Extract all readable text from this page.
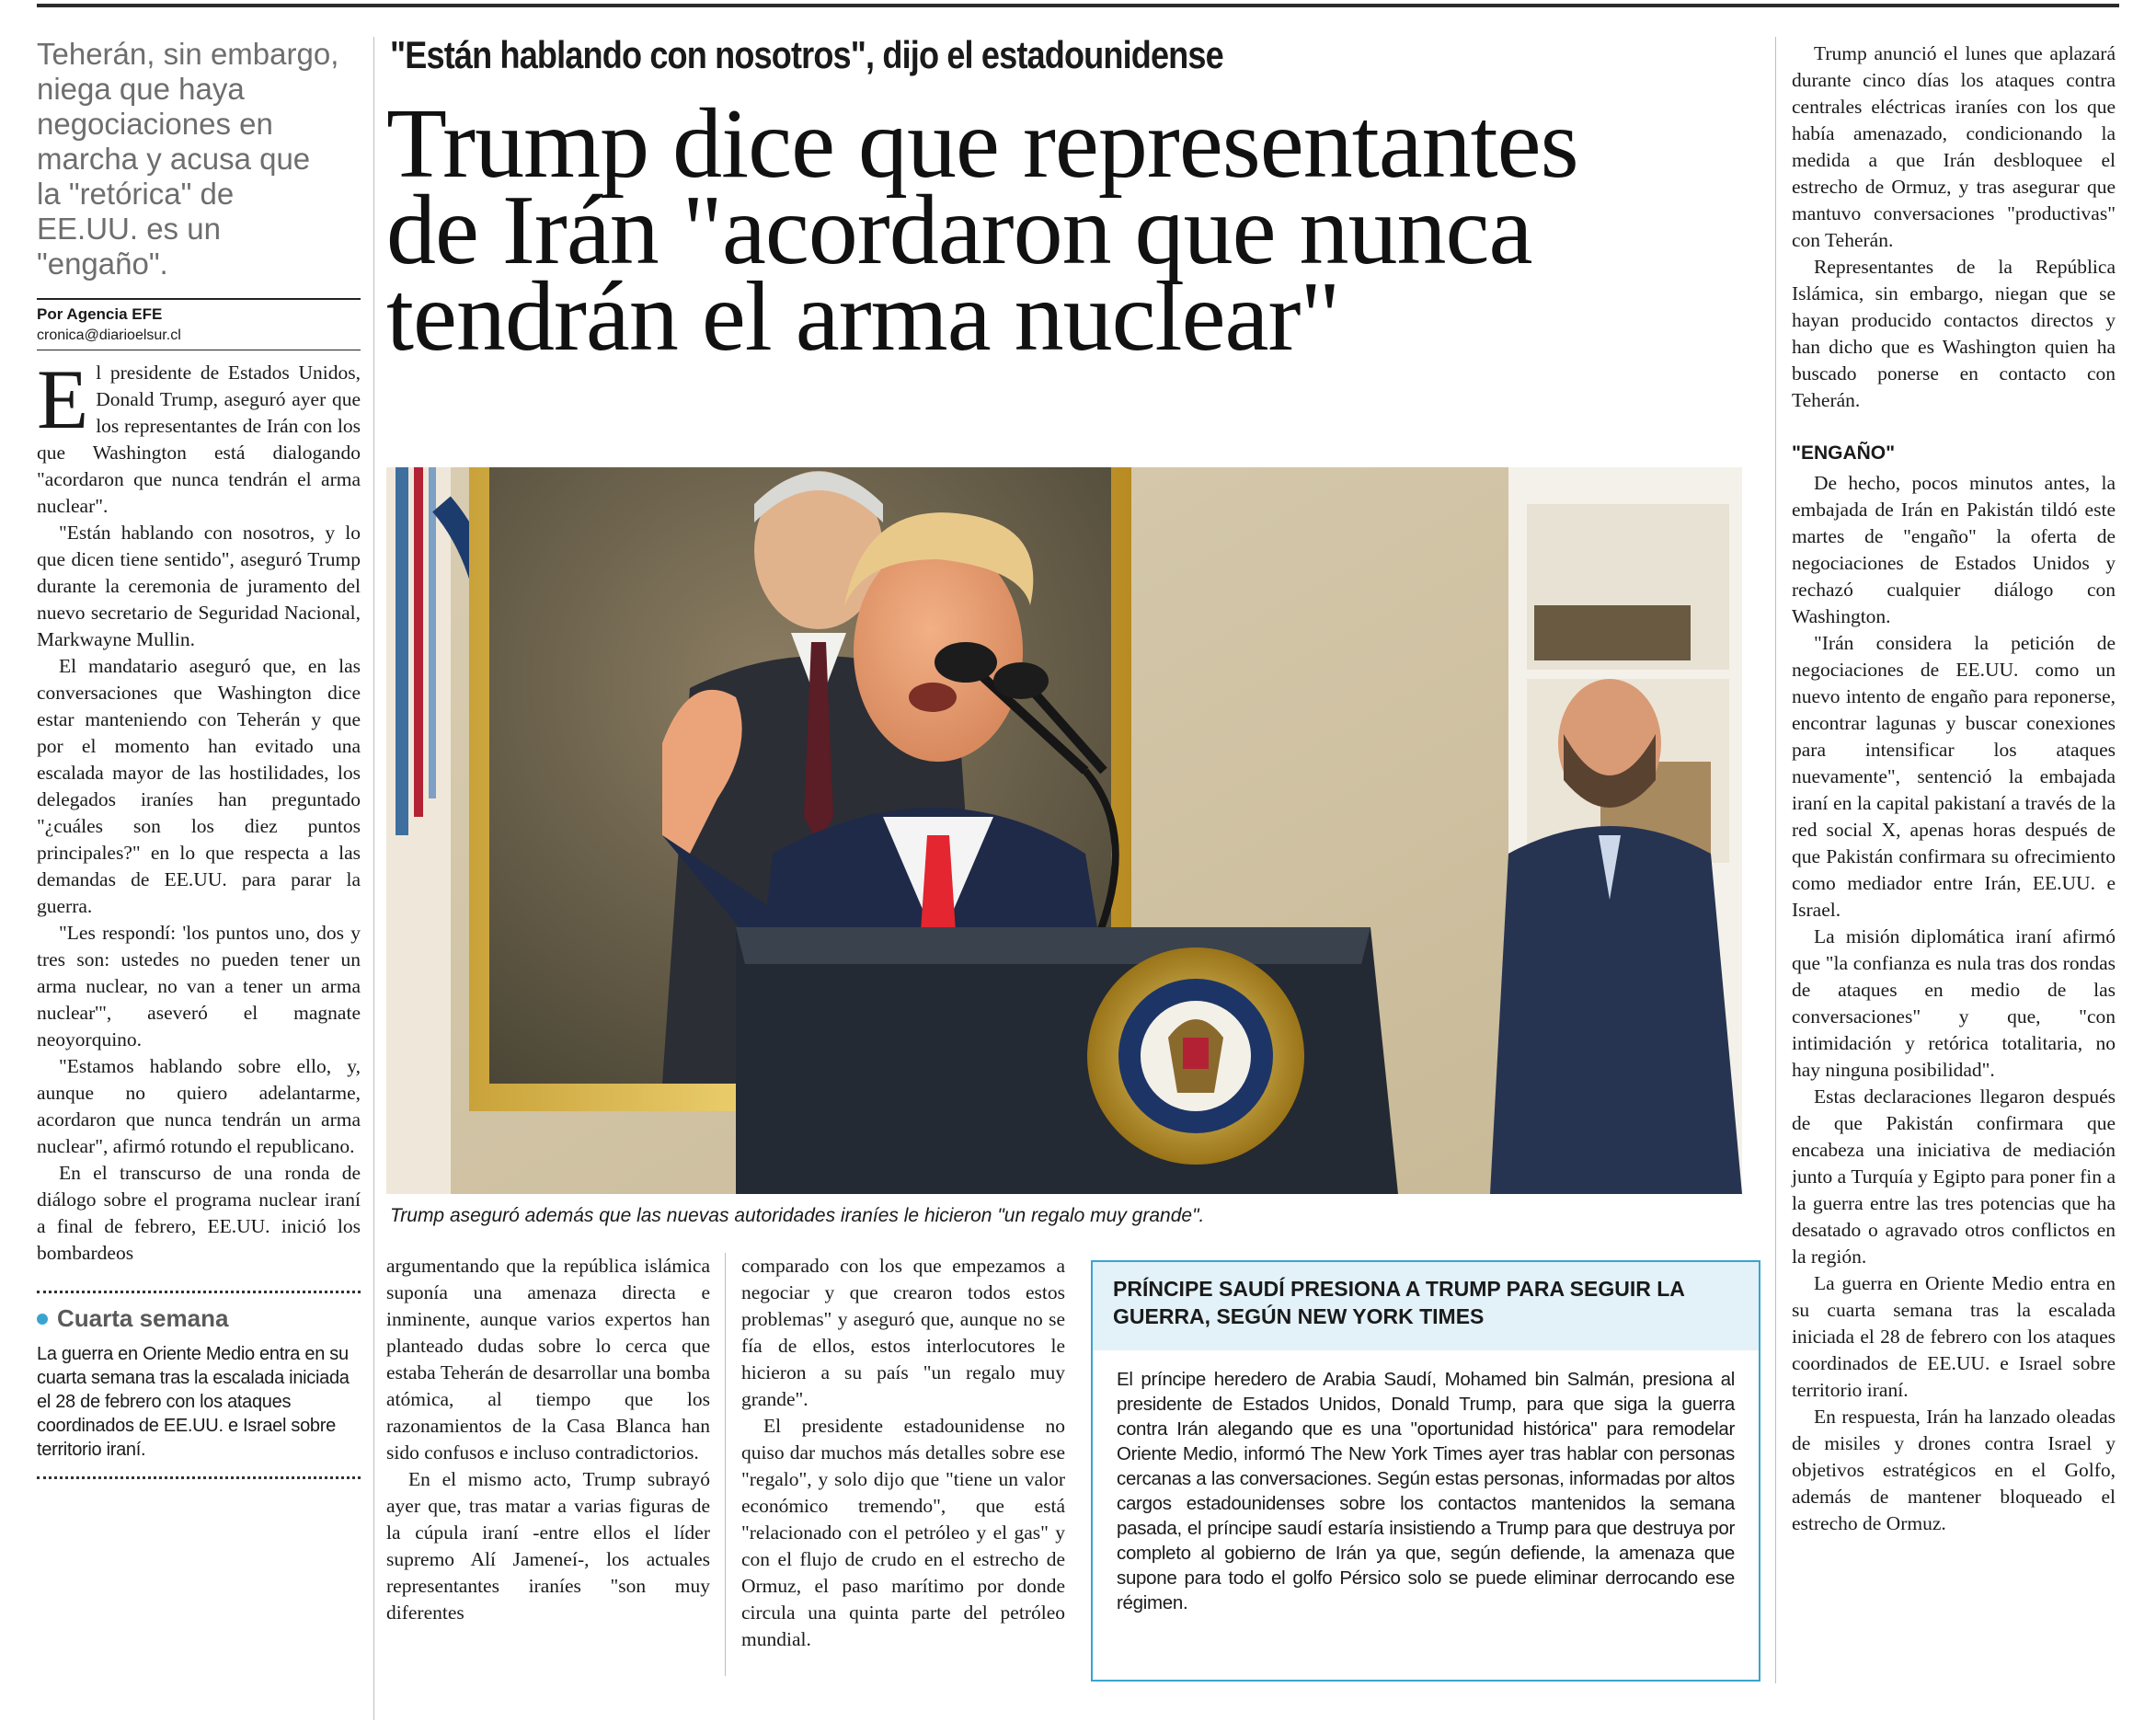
Teherán, sin embargo,

niega que haya

negociaciones en

marcha y acusa que

la "retórica" de

EE.UU. es un

"engaño".

Por Agencia EFE
cronica@diarioelsur.cl

El presidente de Estados Unidos, Donald Trump, aseguró ayer que los representantes de Irán con los que Washington está dialogando "acordaron que nunca tendrán el arma nuclear".

"Están hablando con nosotros, y lo que dicen tiene sentido", aseguró Trump durante la ceremonia de juramento del nuevo secretario de Seguridad Nacional, Markwayne Mullin.

El mandatario aseguró que, en las conversaciones que Washington dice estar manteniendo con Teherán y que por el momento han evitado una escalada mayor de las hostilidades, los delegados iraníes han preguntado "¿cuáles son los diez puntos principales?" en lo que respecta a las demandas de EE.UU. para parar la guerra.

"Les respondí: 'los puntos uno, dos y tres son: ustedes no pueden tener un arma nuclear, no van a tener un arma nuclear'", aseveró el magnate neoyorquino.

"Estamos hablando sobre ello, y, aunque no quiero adelantarme, acordaron que nunca tendrán un arma nuclear", afirmó rotundo el republicano.

En el transcurso de una ronda de diálogo sobre el programa nuclear iraní a final de febrero, EE.UU. inició los bombardeos

Cuarta semana
La guerra en Oriente Medio entra en su cuarta semana tras la escalada iniciada el 28 de febrero con los ataques coordinados de EE.UU. e Israel sobre territorio iraní.
"Están hablando con nosotros", dijo el estadounidense
Trump dice que representantes
de Irán "acordaron que nunca
tendrán el arma nuclear"
Trump aseguró además que las nuevas autoridades iraníes le hicieron "un regalo muy grande".

argumentando que la república islámica suponía una amenaza directa e inminente, aunque varios expertos han planteado dudas sobre lo cerca que estaba Teherán de desarrollar una bomba atómica, al tiempo que los razonamientos de la Casa Blanca han sido confusos e incluso contradictorios.

En el mismo acto, Trump subrayó ayer que, tras matar a varias figuras de la cúpula iraní -entre ellos el líder supremo Alí Jameneí-, los actuales representantes iraníes "son muy diferentes

comparado con los que empezamos a negociar y que crearon todos estos problemas" y aseguró que, aunque no se fía de ellos, estos interlocutores le hicieron a su país "un regalo muy grande".

El presidente estadounidense no quiso dar muchos más detalles sobre ese "regalo", y solo dijo que "tiene un valor económico tremendo", que está "relacionado con el petróleo y el gas" y con el flujo de crudo en el estrecho de Ormuz, el paso marítimo por donde circula una quinta parte del petróleo mundial.

PRÍNCIPE SAUDÍ PRESIONA A TRUMP PARA SEGUIR LA GUERRA, SEGÚN NEW YORK TIMES
El príncipe heredero de Arabia Saudí, Mohamed bin Salmán, presiona al presidente de Estados Unidos, Donald Trump, para que siga la guerra contra Irán alegando que es una "oportunidad histórica" para remodelar Oriente Medio, informó The New York Times ayer tras hablar con personas cercanas a las conversaciones. Según estas personas, informadas por altos cargos estadounidenses sobre los contactos mantenidos la semana pasada, el príncipe saudí estaría insistiendo a Trump para que destruya por completo al gobierno de Irán ya que, según defiende, la amenaza que supone para todo el golfo Pérsico solo se puede eliminar derrocando ese régimen.

Trump anunció el lunes que aplazará durante cinco días los ataques contra centrales eléctricas iraníes con los que había amenazado, condicionando la medida a que Irán desbloquee el estrecho de Ormuz, y tras asegurar que mantuvo conversaciones "productivas" con Teherán.

Representantes de la República Islámica, sin embargo, niegan que se hayan producido contactos directos y han dicho que es Washington quien ha buscado ponerse en contacto con Teherán.

"ENGAÑO"

De hecho, pocos minutos antes, la embajada de Irán en Pakistán tildó este martes de "engaño" la oferta de negociaciones de Estados Unidos y rechazó cualquier diálogo con Washington.

"Irán considera la petición de negociaciones de EE.UU. como un nuevo intento de engaño para reponerse, encontrar lagunas y buscar conexiones para intensificar los ataques nuevamente", sentenció la embajada iraní en la capital pakistaní a través de la red social X, apenas horas después de que Pakistán confirmara su ofrecimiento como mediador entre Irán, EE.UU. e Israel.

La misión diplomática iraní afirmó que "la confianza es nula tras dos rondas de ataques en medio de las conversaciones" y que, "con intimidación y retórica totalitaria, no hay ninguna posibilidad".

Estas declaraciones llegaron después de que Pakistán confirmara que encabeza una iniciativa de mediación junto a Turquía y Egipto para poner fin a la guerra entre las tres potencias que ha desatado o agravado otros conflictos en la región.

La guerra en Oriente Medio entra en su cuarta semana tras la escalada iniciada el 28 de febrero con los ataques coordinados de EE.UU. e Israel sobre territorio iraní.

En respuesta, Irán ha lanzado oleadas de misiles y drones contra Israel y objetivos estratégicos en el Golfo, además de mantener bloqueado el estrecho de Ormuz.
